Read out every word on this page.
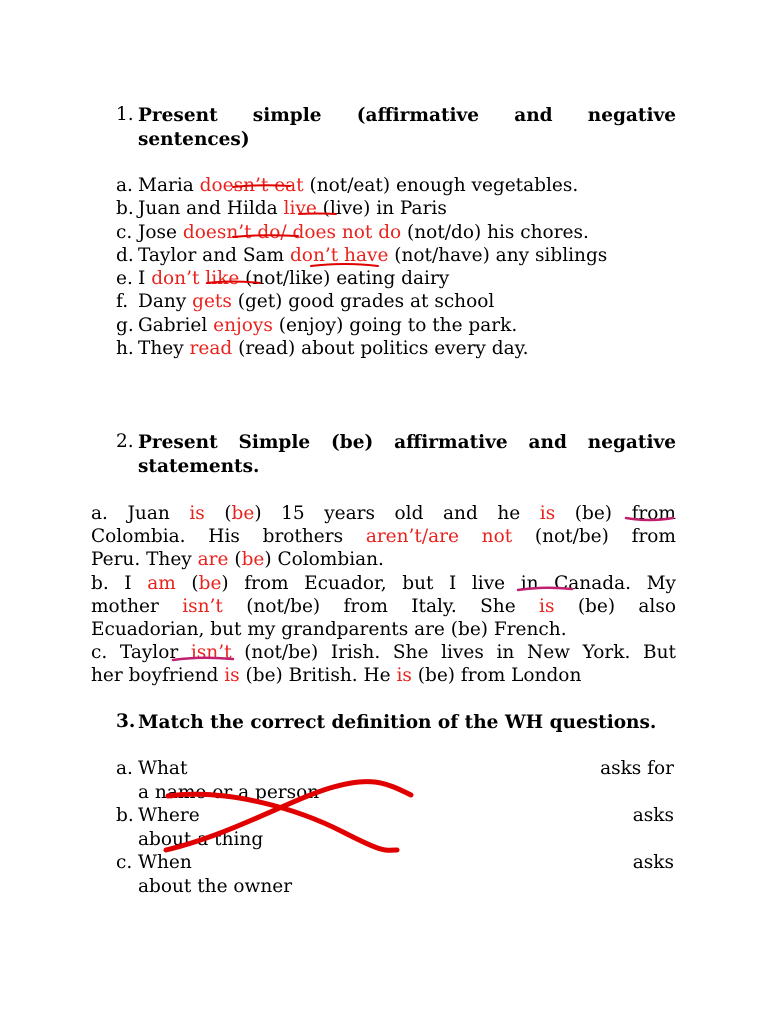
1. Present simple (affirmative and negative
sentences)
a. Maria doesn’t eat (not/eat) enough vegetables.
b. Juan and Hilda live (live) in Paris
c. Jose doesn’t do/ does not do (not/do) his chores.
d. Taylor and Sam don’t have (not/have) any siblings
e. I don’t like (not/like) eating dairy
f. Dany gets (get) good grades at school
g. Gabriel enjoys (enjoy) going to the park.
h. They read (read) about politics every day.
2. Present Simple (be) affirmative and negative
statements.
a. Juan is (be) 15 years old and he is (be) from
Colombia. His brothers aren’t/are not (not/be) from
Peru. They are (be) Colombian.
b. I am (be) from Ecuador, but I live in Canada. My
mother isn’t (not/be) from Italy. She is (be) also
Ecuadorian, but my grandparents are (be) French.
c. Taylor isn’t (not/be) Irish. She lives in New York. But
her boyfriend is (be) British. He is (be) from London
3. Match the correct definition of the WH questions.
a. What	asks for
a name or a person
b. Where	asks
about a thing
c. When	asks
about the owner
